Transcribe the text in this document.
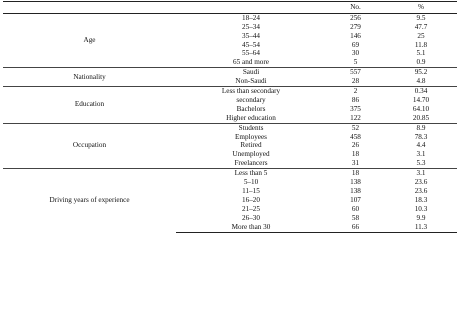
		No.	%
Age	18–24	256	9.5
	25–34	279	47.7
	35–44	146	25
	45–54	69	11.8
	55–64	30	5.1
	65 and more	5	0.9
Nationality	Saudi	557	95.2
	Non-Saudi	28	4.8
Education	Less than secondary	2	0.34
	secondary	86	14.70
	Bachelors	375	64.10
	Higher education	122	20.85
Occupation	Students	52	8.9
	Employees	458	78.3
	Retired	26	4.4
	Unemployed	18	3.1
	Freelancers	31	5.3
Driving years of experience	Less than 5	18	3.1
	5–10	138	23.6
	11–15	138	23.6
	16–20	107	18.3
	21–25	60	10.3
	26–30	58	9.9
	More than 30	66	11.3
